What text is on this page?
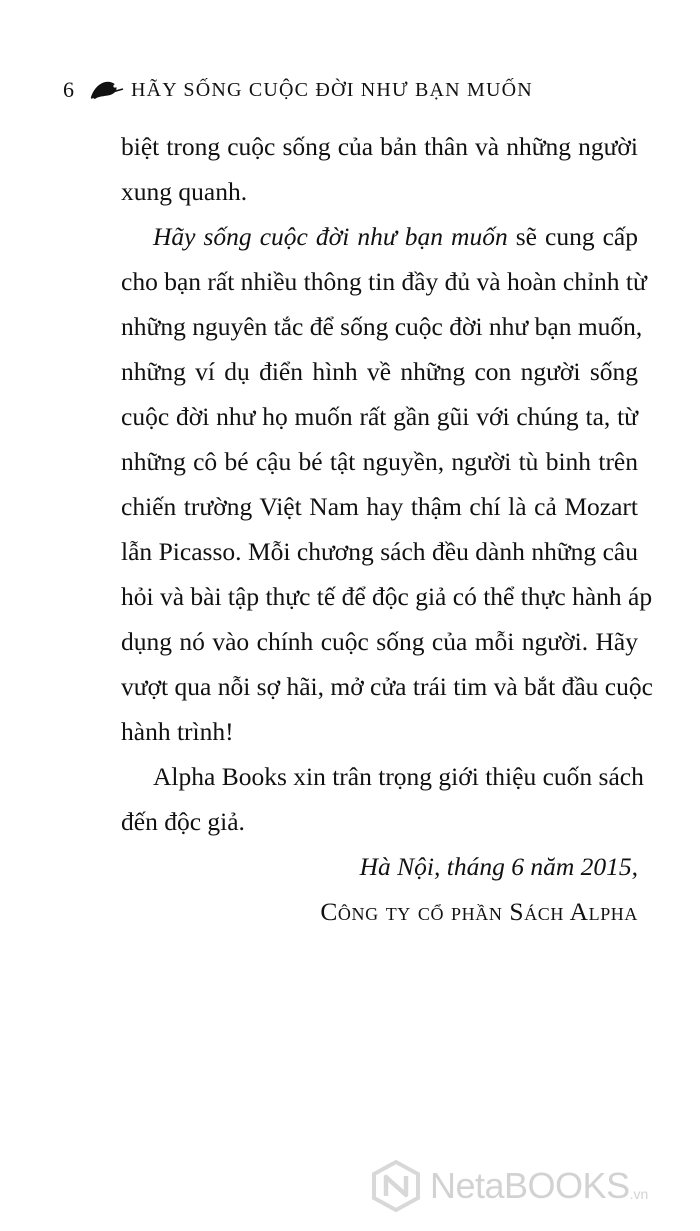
6	HÃY SỐNG CUỘC ĐỜI NHƯ BẠN MUỐN
biệt trong cuộc sống của bản thân và những người
xung quanh.
Hãy sống cuộc đời như bạn muốn sẽ cung cấp
cho bạn rất nhiều thông tin đầy đủ và hoàn chỉnh từ
những nguyên tắc để sống cuộc đời như bạn muốn,
những ví dụ điển hình về những con người sống
cuộc đời như họ muốn rất gần gũi với chúng ta, từ
những cô bé cậu bé tật nguyền, người tù binh trên
chiến trường Việt Nam hay thậm chí là cả Mozart
lẫn Picasso. Mỗi chương sách đều dành những câu
hỏi và bài tập thực tế để độc giả có thể thực hành áp
dụng nó vào chính cuộc sống của mỗi người. Hãy
vượt qua nỗi sợ hãi, mở cửa trái tim và bắt đầu cuộc
hành trình!
Alpha Books xin trân trọng giới thiệu cuốn sách
đến độc giả.
Hà Nội, tháng 6 năm 2015,
Công ty cổ phần Sách Alpha
NetaBOOKS .vn
